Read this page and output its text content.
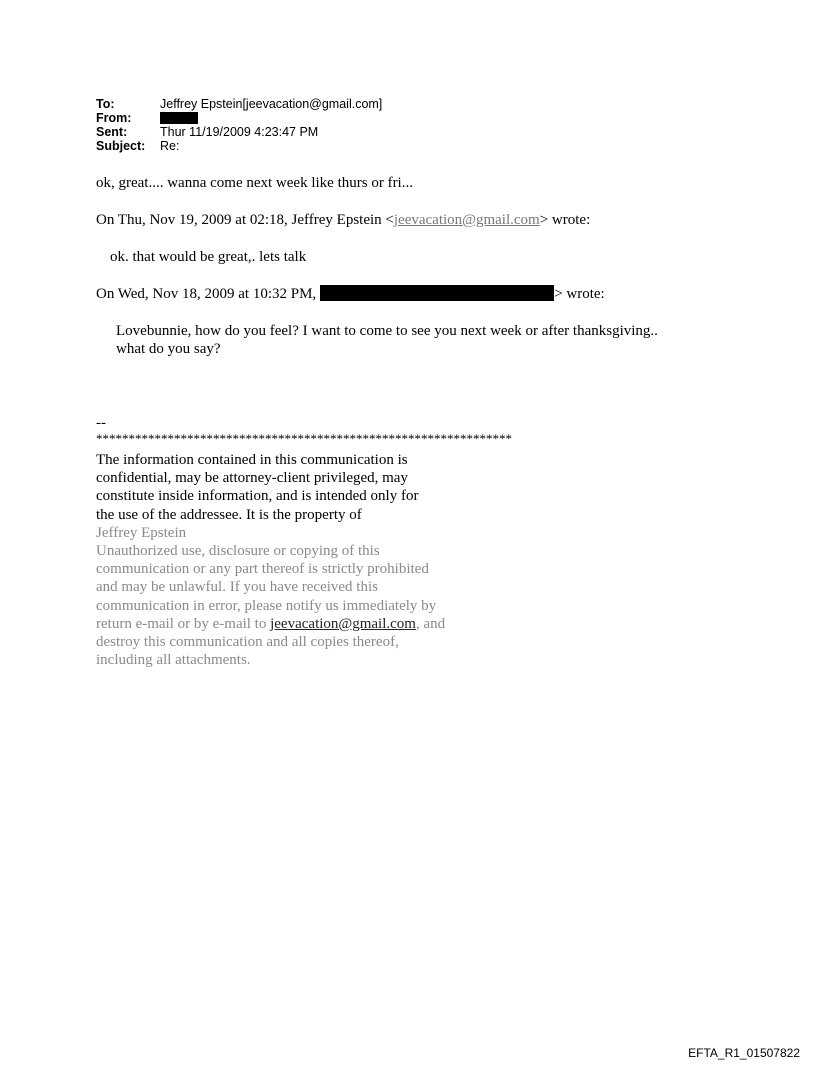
To:	Jeffrey Epstein[jeevacation@gmail.com]
From:
Sent:	Thur 11/19/2009 4:23:47 PM
Subject:	Re:
ok, great.... wanna come next week like thurs or fri...
On Thu, Nov 19, 2009 at 02:18, Jeffrey Epstein <jeevacation@gmail.com> wrote:
ok. that would be great,. lets talk
On Wed, Nov 18, 2009 at 10:32 PM,	> wrote:
Lovebunnie, how do you feel? I want to come to see you next week or after thanksgiving..
what do you say?
--
****************************************************************
The information contained in this communication is
confidential, may be attorney-client privileged, may
constitute inside information, and is intended only for
the use of the addressee. It is the property of
Jeffrey Epstein
Unauthorized use, disclosure or copying of this
communication or any part thereof is strictly prohibited
and may be unlawful. If you have received this
communication in error, please notify us immediately by
return e-mail or by e-mail to jeevacation@gmail.com, and
destroy this communication and all copies thereof,
including all attachments.
EFTA_R1_01507822
